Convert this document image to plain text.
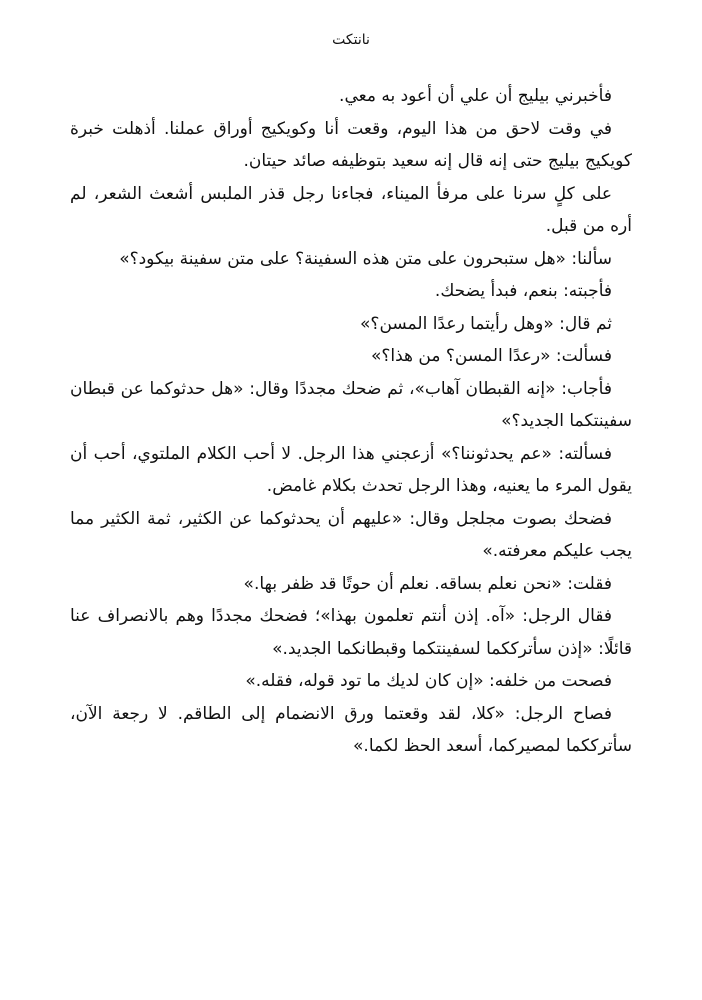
نانتكت

فأخبرني بيليج أن علي أن أعود به معي.

في وقت لاحق من هذا اليوم، وقعت أنا وكويكيج أوراق عملنا. أذهلت خبرة كويكيج بيليج حتى إنه قال إنه سعيد بتوظيفه صائد حيتان.

على كلٍ سرنا على مرفأ الميناء، فجاءنا رجل قذر الملبس أشعث الشعر، لم أره من قبل.

سألنا: «هل ستبحرون على متن هذه السفينة؟ على متن سفينة بيكود؟»

فأجبته: بنعم، فبدأ يضحك.

ثم قال: «وهل رأيتما رعدًا المسن؟»

فسألت: «رعدًا المسن؟ من هذا؟»

فأجاب: «إنه القبطان آهاب»، ثم ضحك مجددًا وقال: «هل حدثوكما عن قبطان سفينتكما الجديد؟»

فسألته: «عم يحدثوننا؟» أزعجني هذا الرجل. لا أحب الكلام الملتوي، أحب أن يقول المرء ما يعنيه، وهذا الرجل تحدث بكلام غامض.

فضحك بصوت مجلجل وقال: «عليهم أن يحدثوكما عن الكثير، ثمة الكثير مما يجب عليكم معرفته.»

فقلت: «نحن نعلم بساقه. نعلم أن حوتًا قد ظفر بها.»

فقال الرجل: «آه. إذن أنتم تعلمون بهذا»؛ فضحك مجددًا وهم بالانصراف عنا قائلًا: «إذن سأترككما لسفينتكما وقبطانكما الجديد.»

فصحت من خلفه: «إن كان لديك ما تود قوله، فقله.»

فصاح الرجل: «كلا، لقد وقعتما ورق الانضمام إلى الطاقم. لا رجعة الآن، سأترككما لمصيركما، أسعد الحظ لكما.»
